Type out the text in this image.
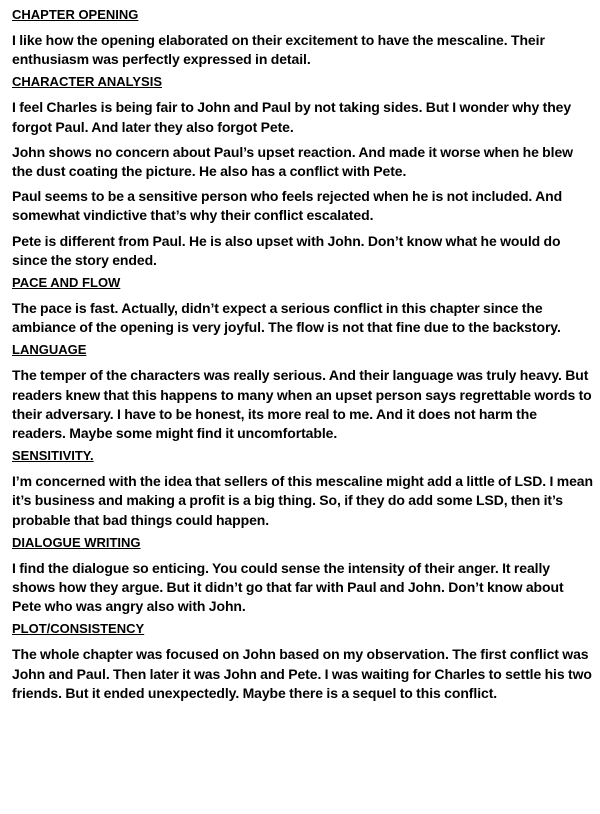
CHAPTER OPENING

I like how the opening elaborated on their excitement to have the mescaline. Their enthusiasm was perfectly expressed in detail.

CHARACTER ANALYSIS

I feel Charles is being fair to John and Paul by not taking sides. But I wonder why they forgot Paul. And later they also forgot Pete.

John shows no concern about Paul’s upset reaction. And made it worse when he blew the dust coating the picture. He also has a conflict with Pete.

Paul seems to be a sensitive person who feels rejected when he is not included. And somewhat vindictive that’s why their conflict escalated.

Pete is different from Paul. He is also upset with John. Don’t know what he would do since the story ended.

PACE AND FLOW

The pace is fast. Actually, didn’t expect a serious conflict in this chapter since the ambiance of the opening is very joyful. The flow is not that fine due to the backstory.

LANGUAGE

The temper of the characters was really serious. And their language was truly heavy. But readers knew that this happens to many when an upset person says regrettable words to their adversary. I have to be honest, its more real to me. And it does not harm the readers. Maybe some might find it uncomfortable.

SENSITIVITY.

I’m concerned with the idea that sellers of this mescaline might add a little of LSD. I mean it’s business and making a profit is a big thing. So, if they do add some LSD, then it’s probable that bad things could happen.

DIALOGUE WRITING

I find the dialogue so enticing. You could sense the intensity of their anger. It really shows how they argue. But it didn’t go that far with Paul and John. Don’t know about Pete who was angry also with John.

PLOT/CONSISTENCY

The whole chapter was focused on John based on my observation. The first conflict was John and Paul. Then later it was John and Pete. I was waiting for Charles to settle his two friends. But it ended unexpectedly. Maybe there is a sequel to this conflict.
